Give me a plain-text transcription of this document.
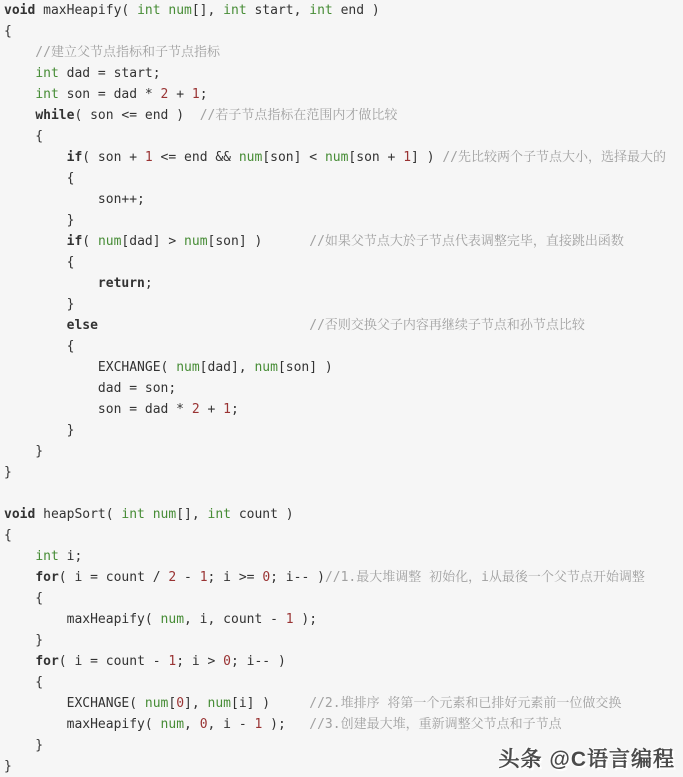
void maxHeapify( int num[], int start, int end )
{
//建立父节点指标和子节点指标
int dad = start;
int son = dad * 2 + 1;
while( son <= end )  //若子节点指标在范围内才做比较
{
if( son + 1 <= end && num[son] < num[son + 1] ) //先比较两个子节点大小，选择最大的
{
son++;
}
if( num[dad] > num[son] )      //如果父节点大於子节点代表调整完毕，直接跳出函数
{
return;
}
else	//否则交换父子内容再继续子节点和孙节点比较
{
EXCHANGE( num[dad], num[son] )
dad = son;
son = dad * 2 + 1;
}
}
}

void heapSort( int num[], int count )
{
int i;
for( i = count / 2 - 1; i >= 0; i-- )//1.最大堆调整 初始化，i从最後一个父节点开始调整
{
maxHeapify( num, i, count - 1 );
}
for( i = count - 1; i > 0; i-- )
{
EXCHANGE( num[0], num[i] )     //2.堆排序 将第一个元素和已排好元素前一位做交换
maxHeapify( num, 0, i - 1 );   //3.创建最大堆，重新调整父节点和子节点
}
}	头条 @C语言编程
